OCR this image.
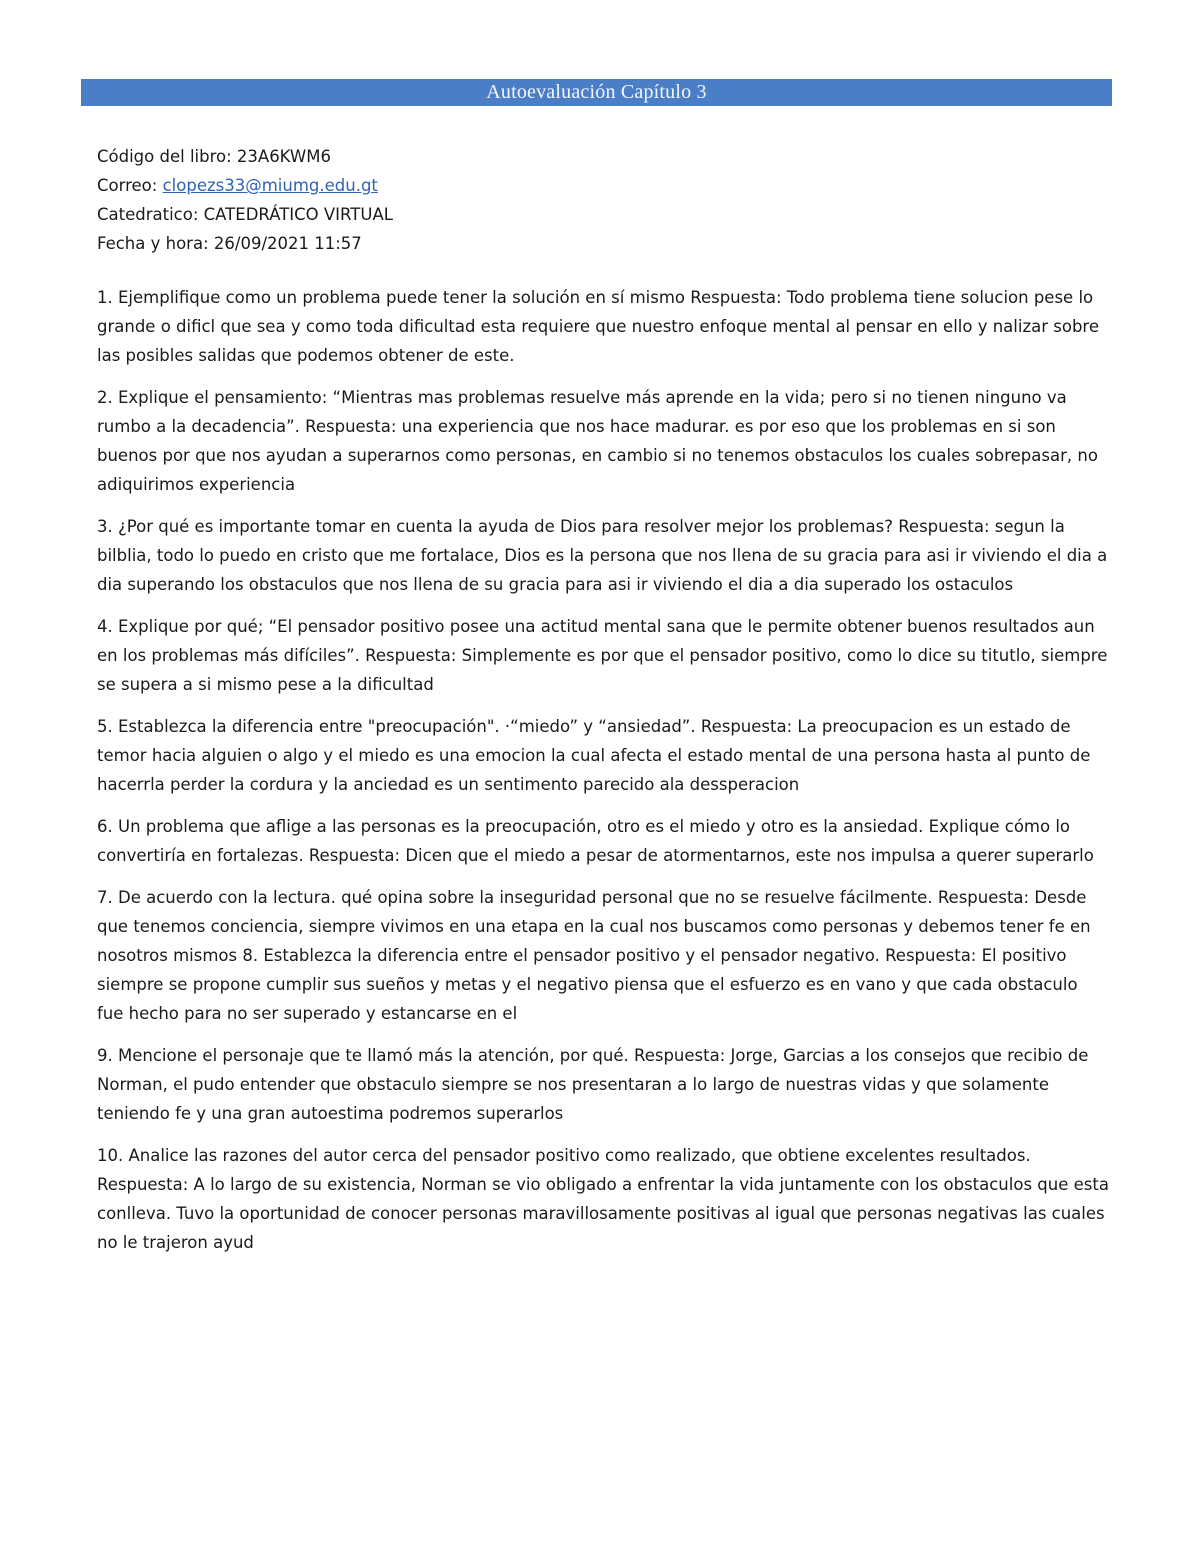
Autoevaluación Capítulo 3
Código del libro: 23A6KWM6
Correo: clopezs33@miumg.edu.gt
Catedratico: CATEDRÁTICO VIRTUAL
Fecha y hora: 26/09/2021 11:57

1. Ejemplifique como un problema puede tener la solución en sí mismo Respuesta: Todo problema tiene solucion pese lo grande o dificl que sea y como toda dificultad esta requiere que nuestro enfoque mental al pensar en ello y nalizar sobre las posibles salidas que podemos obtener de este.

2. Explique el pensamiento: “Mientras mas problemas resuelve más aprende en la vida; pero si no tienen ninguno va rumbo a la decadencia”. Respuesta: una experiencia que nos hace madurar. es por eso que los problemas en si son buenos por que nos ayudan a superarnos como personas, en cambio si no tenemos obstaculos los cuales sobrepasar, no adiquirimos experiencia

3. ¿Por qué es importante tomar en cuenta la ayuda de Dios para resolver mejor los problemas? Respuesta: segun la bilblia, todo lo puedo en cristo que me fortalace, Dios es la persona que nos llena de su gracia para asi ir viviendo el dia a dia superando los obstaculos que nos llena de su gracia para asi ir viviendo el dia a dia superado los ostaculos

4. Explique por qué; “El pensador positivo posee una actitud mental sana que le permite obtener buenos resultados aun en los problemas más difíciles”. Respuesta: Simplemente es por que el pensador positivo, como lo dice su titutlo, siempre se supera a si mismo pese a la dificultad

5. Establezca la diferencia entre "preocupación". ·“miedo” y “ansiedad”. Respuesta: La preocupacion es un estado de temor hacia alguien o algo y el miedo es una emocion la cual afecta el estado mental de una persona hasta al punto de hacerrla perder la cordura y la anciedad es un sentimento parecido ala dessperacion

6. Un problema que aflige a las personas es la preocupación, otro es el miedo y otro es la ansiedad. Explique cómo lo convertiría en fortalezas. Respuesta: Dicen que el miedo a pesar de atormentarnos, este nos impulsa a querer superarlo

7. De acuerdo con la lectura. qué opina sobre la inseguridad personal que no se resuelve fácilmente. Respuesta: Desde que tenemos conciencia, siempre vivimos en una etapa en la cual nos buscamos como personas y debemos tener fe en nosotros mismos 8. Establezca la diferencia entre el pensador positivo y el pensador negativo. Respuesta: El positivo siempre se propone cumplir sus sueños y metas y el negativo piensa que el esfuerzo es en vano y que cada obstaculo fue hecho para no ser superado y estancarse en el

9. Mencione el personaje que te llamó más la atención, por qué. Respuesta: Jorge, Garcias a los consejos que recibio de Norman, el pudo entender que obstaculo siempre se nos presentaran a lo largo de nuestras vidas y que solamente teniendo fe y una gran autoestima podremos superarlos

10. Analice las razones del autor cerca del pensador positivo como realizado, que obtiene excelentes resultados. Respuesta: A lo largo de su existencia, Norman se vio obligado a enfrentar la vida juntamente con los obstaculos que esta conlleva. Tuvo la oportunidad de conocer personas maravillosamente positivas al igual que personas negativas las cuales no le trajeron ayud
